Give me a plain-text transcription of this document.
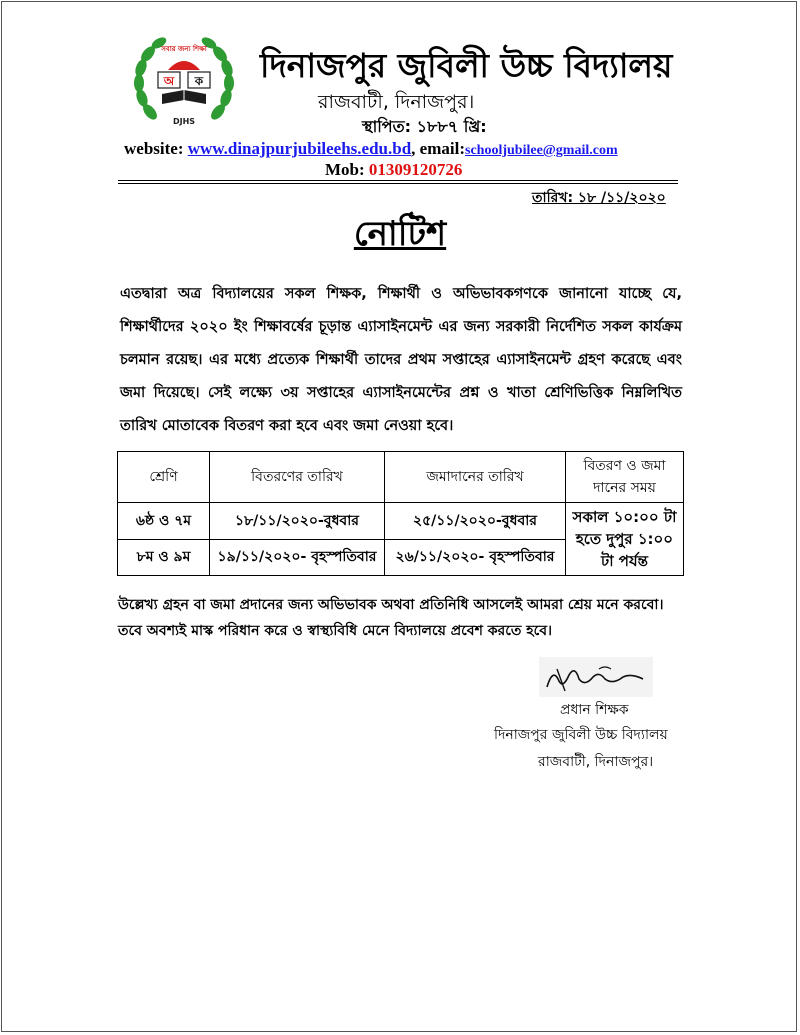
সবার জন্য শিক্ষা
অ ক
DJHS
দিনাজপুর জুবিলী উচ্চ বিদ্যালয়
রাজবাটী, দিনাজপুর।
স্থাপিত: ১৮৮৭ খ্রি:
website: www.dinajpurjubileehs.edu.bd, email:schooljubilee@gmail.com
Mob: 01309120726
তারিখ: ১৮ /১১/২০২০
নোটিশ
এতদ্বারা অত্র বিদ্যালয়ের সকল শিক্ষক, শিক্ষার্থী ও অভিভাবকগণকে জানানো যাচ্ছে যে, শিক্ষার্থীদের ২০২০ ইং শিক্ষাবর্ষের চূড়ান্ত এ্যাসাইনমেন্ট এর জন্য সরকারী নির্দেশিত সকল কার্যক্রম চলমান রয়েছ। এর মধ্যে প্রত্যেক শিক্ষার্থী তাদের প্রথম সপ্তাহের এ্যাসাইনমেন্ট গ্রহণ করেছে এবং জমা দিয়েছে। সেই লক্ষ্যে ৩য় সপ্তাহের এ্যাসাইনমেন্টের প্রশ্ন ও খাতা শ্রেণিভিত্তিক নিম্নলিখিত তারিখ মোতাবেক বিতরণ করা হবে এবং জমা নেওয়া হবে।
শ্রেণি	বিতরণের তারিখ	জমাদানের তারিখ	বিতরণ ও জমা দানের সময়
৬ষ্ঠ ও ৭ম	১৮/১১/২০২০-বুধবার	২৫/১১/২০২০-বুধবার	সকাল ১০:০০ টা হতে দুপুর ১:০০ টা পর্যন্ত
৮ম ও ৯ম	১৯/১১/২০২০- বৃহস্পতিবার	২৬/১১/২০২০- বৃহস্পতিবার	
উল্লেখ্য গ্রহন বা জমা প্রদানের জন্য অভিভাবক অথবা প্রতিনিধি আসলেই আমরা শ্রেয় মনে করবো। তবে অবশ্যই মাস্ক পরিধান করে ও স্বাস্থ্যবিধি মেনে বিদ্যালয়ে প্রবেশ করতে হবে।
প্রধান শিক্ষক
দিনাজপুর জুবিলী উচ্চ বিদ্যালয়
রাজবাটী, দিনাজপুর।
